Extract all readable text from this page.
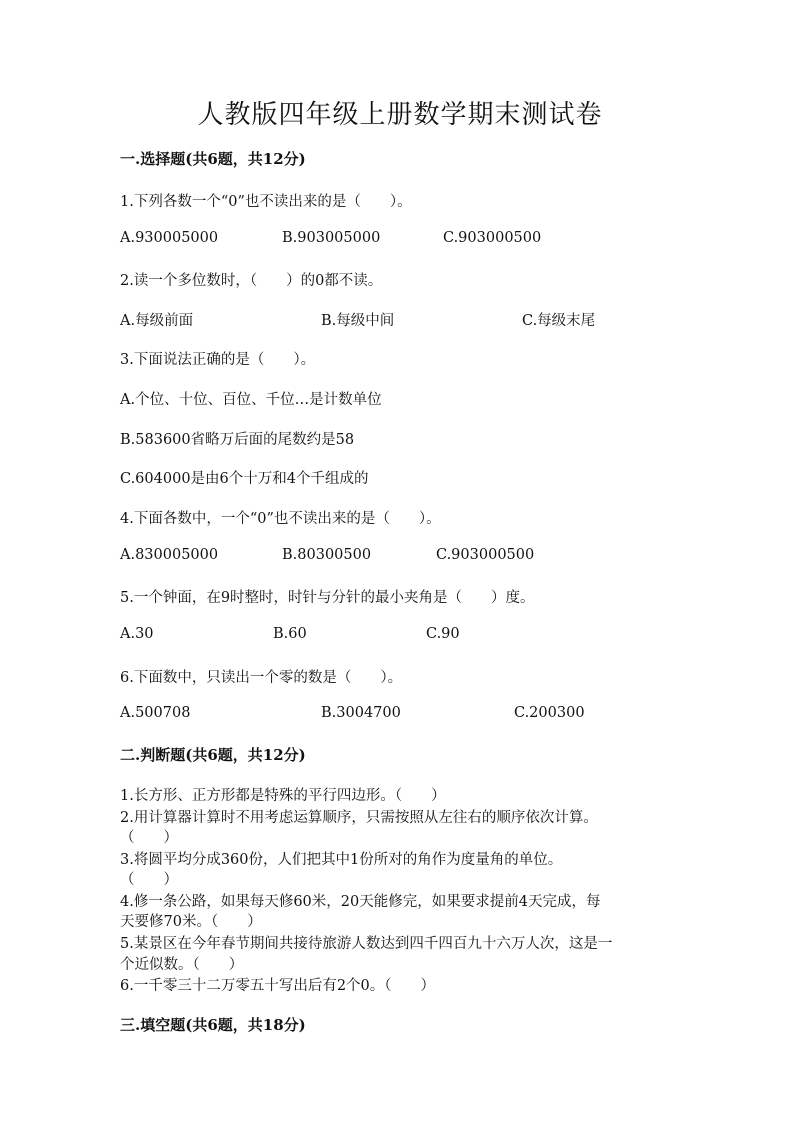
人教版四年级上册数学期末测试卷
一.选择题(共6题，共12分)
1.下列各数一个“0”也不读出来的是（　　）。
A.930005000	B.903005000	C.903000500
2.读一个多位数时，（　　）的0都不读。
A.每级前面	B.每级中间	C.每级末尾
3.下面说法正确的是（　　）。
A.个位、十位、百位、千位…是计数单位
B.583600省略万后面的尾数约是58
C.604000是由6个十万和4个千组成的
4.下面各数中，一个“0”也不读出来的是（　　）。
A.830005000	B.80300500	C.903000500
5.一个钟面，在9时整时，时针与分针的最小夹角是（　　）度。
A.30	B.60	C.90
6.下面数中，只读出一个零的数是（　　）。
A.500708	B.3004700	C.200300
二.判断题(共6题，共12分)
1.长方形、正方形都是特殊的平行四边形。（　　）
2.用计算器计算时不用考虑运算顺序，只需按照从左往右的顺序依次计算。
（　　）
3.将圆平均分成360份，人们把其中1份所对的角作为度量角的单位。
（　　）
4.修一条公路，如果每天修60米，20天能修完，如果要求提前4天完成，每
天要修70米。（　　）
5.某景区在今年春节期间共接待旅游人数达到四千四百九十六万人次，这是一
个近似数。（　　）
6.一千零三十二万零五十写出后有2个0。（　　）
三.填空题(共6题，共18分)
